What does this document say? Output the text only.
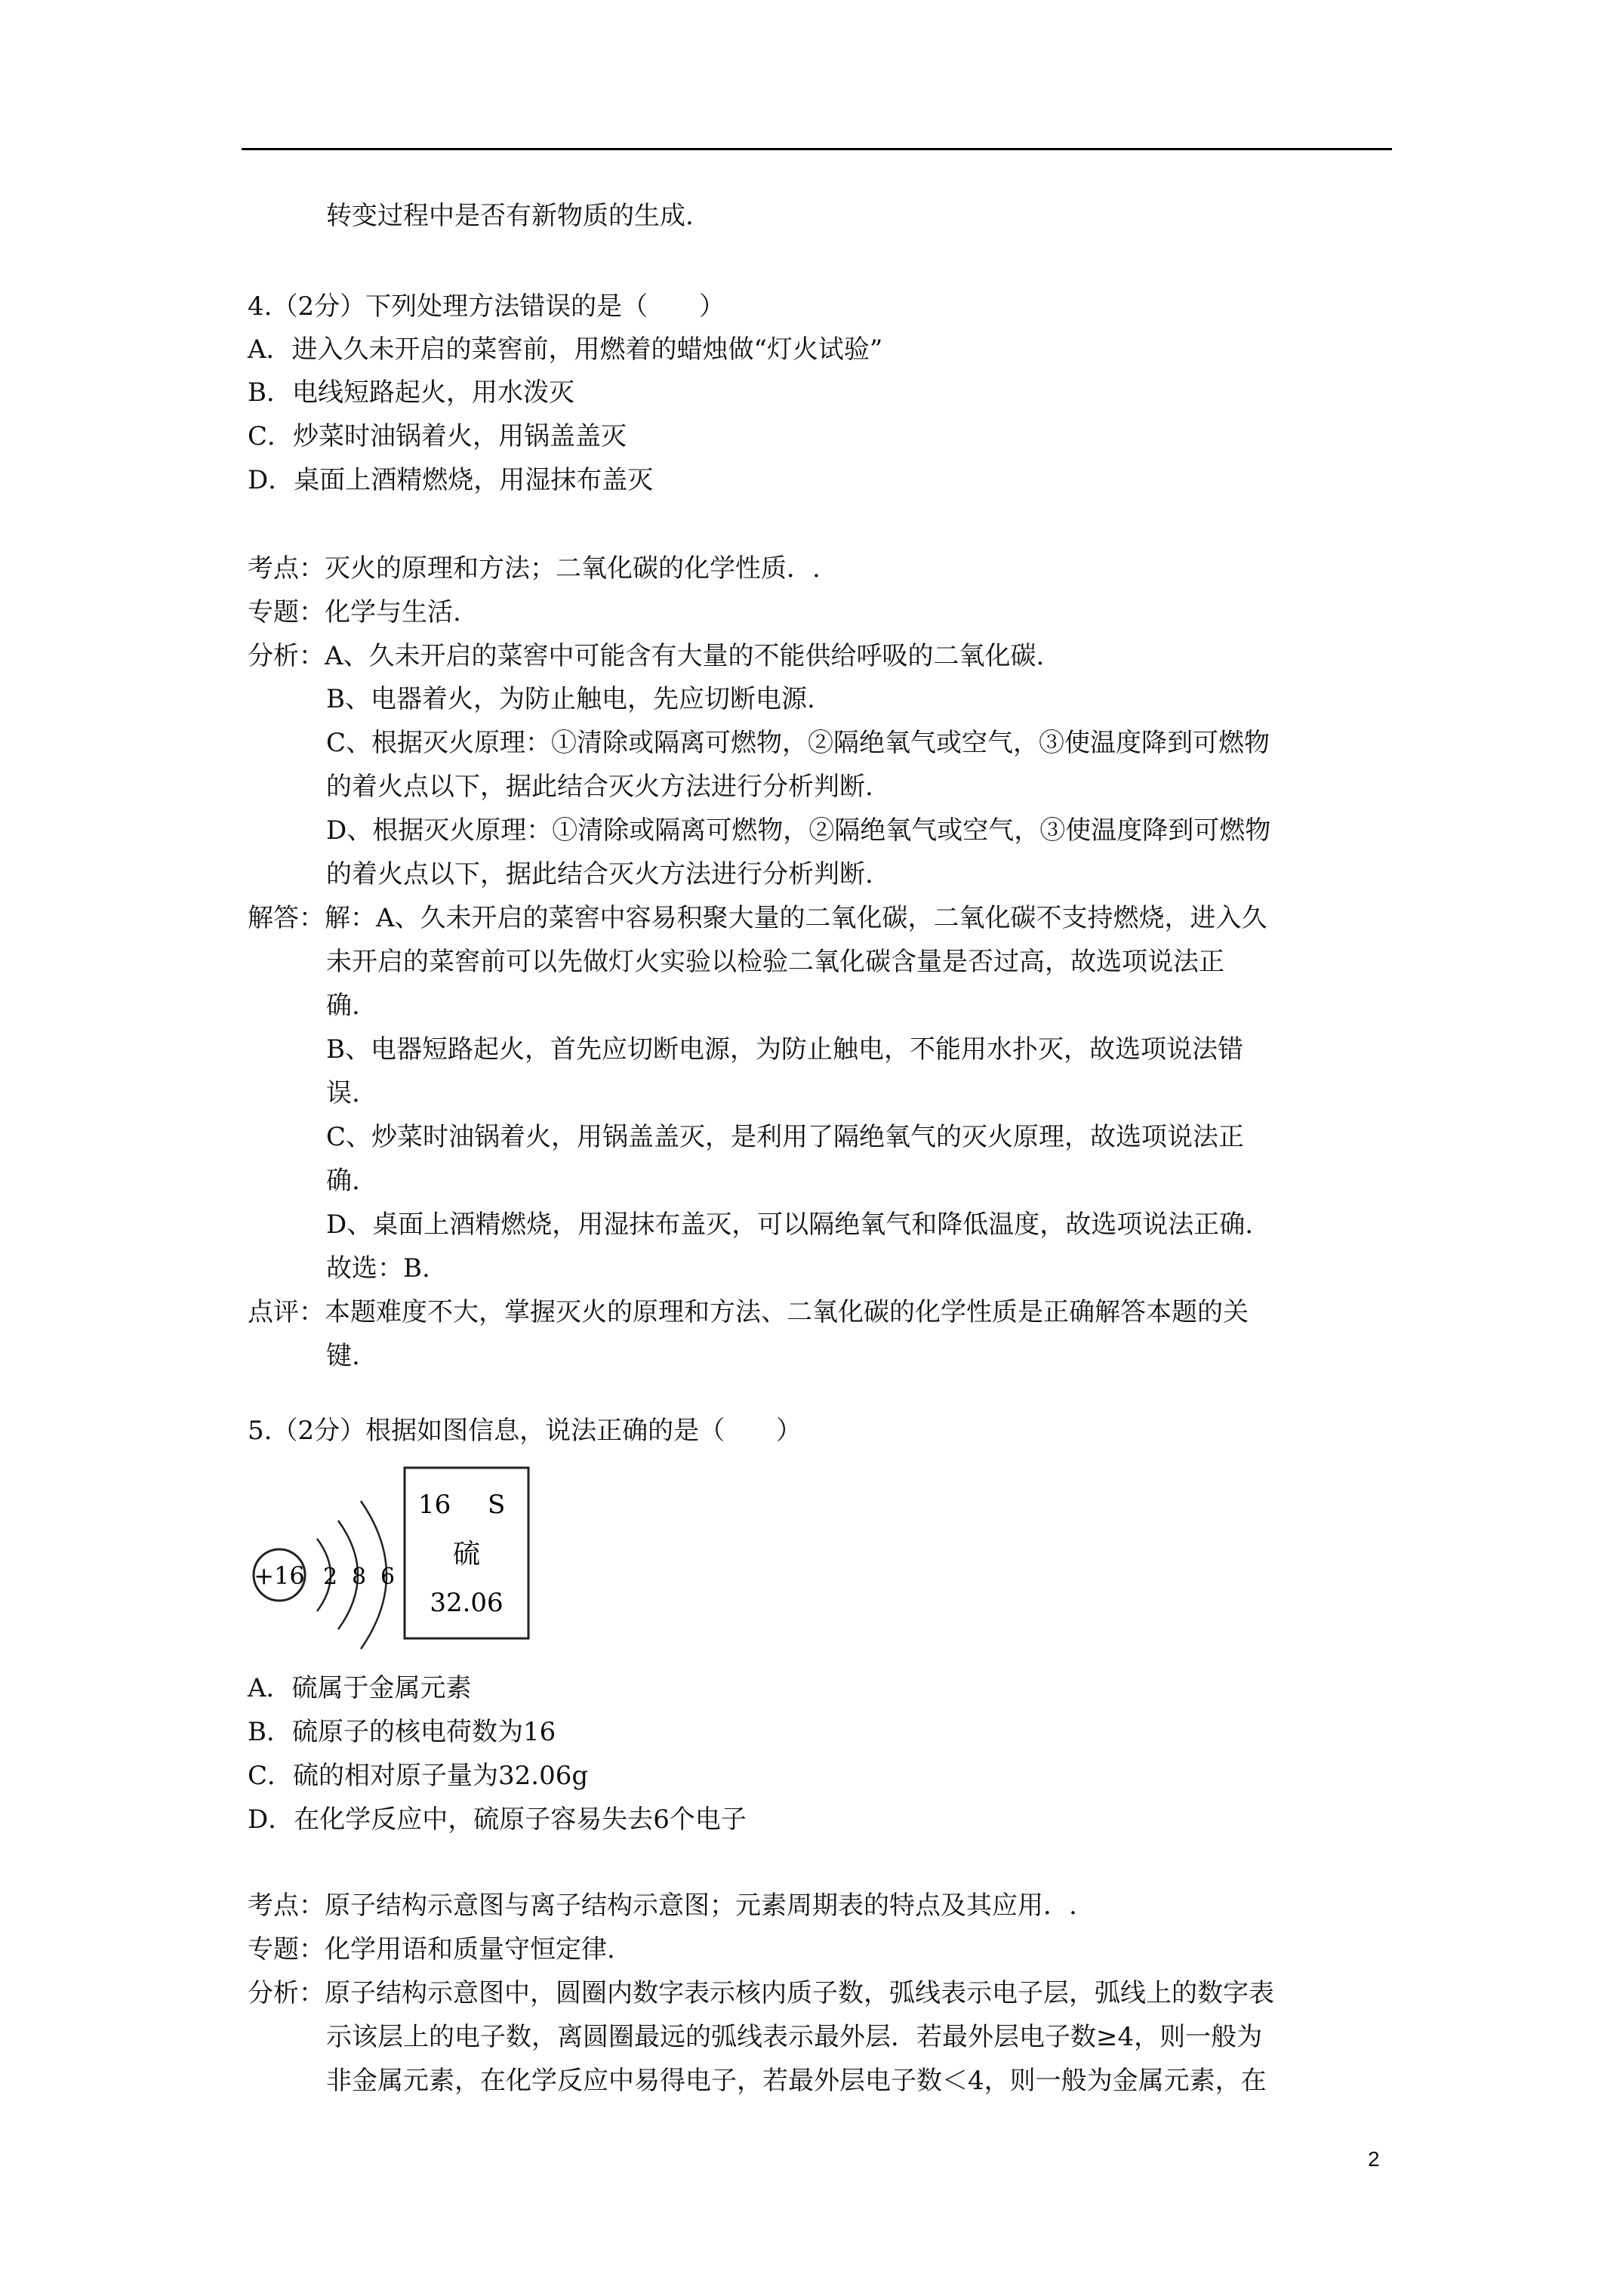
转变过程中是否有新物质的生成.
4.（2分）下列处理方法错误的是（　　）
A．进入久未开启的菜窖前，用燃着的蜡烛做“灯火试验”
B．电线短路起火，用水泼灭
C．炒菜时油锅着火，用锅盖盖灭
D．桌面上酒精燃烧，用湿抹布盖灭
考点：灭火的原理和方法；二氧化碳的化学性质．.
专题：化学与生活.
分析：A、久未开启的菜窖中可能含有大量的不能供给呼吸的二氧化碳.
B、电器着火，为防止触电，先应切断电源.
C、根据灭火原理：①清除或隔离可燃物，②隔绝氧气或空气，③使温度降到可燃物
的着火点以下，据此结合灭火方法进行分析判断.
D、根据灭火原理：①清除或隔离可燃物，②隔绝氧气或空气，③使温度降到可燃物
的着火点以下，据此结合灭火方法进行分析判断.
解答：解：A、久未开启的菜窖中容易积聚大量的二氧化碳，二氧化碳不支持燃烧，进入久
未开启的菜窖前可以先做灯火实验以检验二氧化碳含量是否过高，故选项说法正
确.
B、电器短路起火，首先应切断电源，为防止触电，不能用水扑灭，故选项说法错
误.
C、炒菜时油锅着火，用锅盖盖灭，是利用了隔绝氧气的灭火原理，故选项说法正
确.
D、桌面上酒精燃烧，用湿抹布盖灭，可以隔绝氧气和降低温度，故选项说法正确.
故选：B.
点评：本题难度不大，掌握灭火的原理和方法、二氧化碳的化学性质是正确解答本题的关
键.
5.（2分）根据如图信息，说法正确的是（　　）
A．硫属于金属元素
B．硫原子的核电荷数为16
C．硫的相对原子量为32.06g
D．在化学反应中，硫原子容易失去6个电子
考点：原子结构示意图与离子结构示意图；元素周期表的特点及其应用．.
专题：化学用语和质量守恒定律.
分析：原子结构示意图中，圆圈内数字表示核内质子数，弧线表示电子层，弧线上的数字表
示该层上的电子数，离圆圈最远的弧线表示最外层．若最外层电子数≥4，则一般为
非金属元素，在化学反应中易得电子，若最外层电子数＜4，则一般为金属元素，在
+16 2 8 6
16 S
硫
32.06
2
